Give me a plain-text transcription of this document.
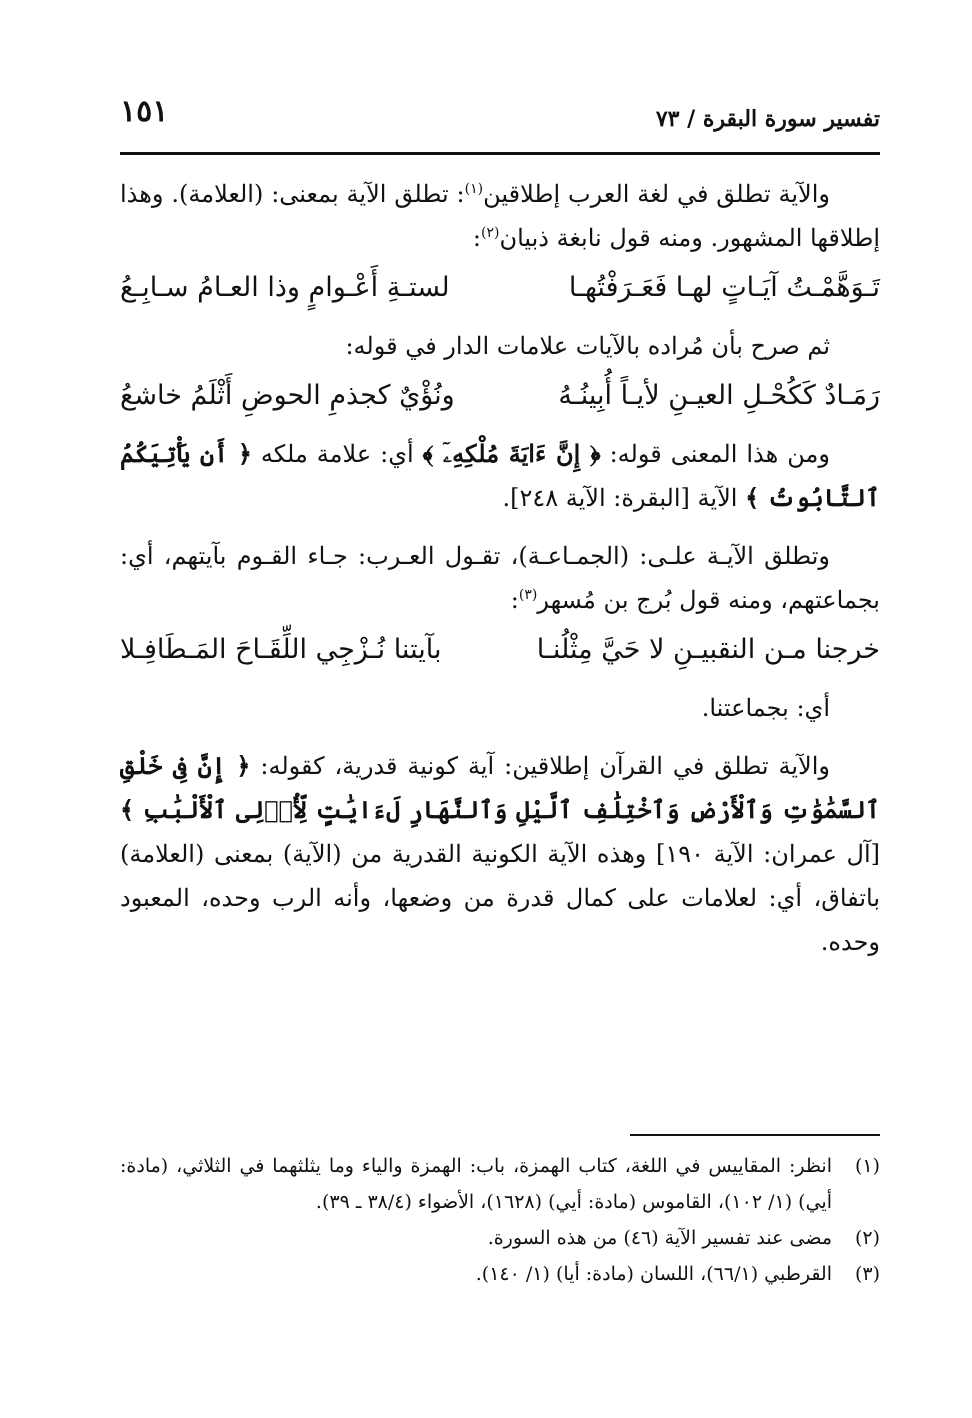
تفسير سورة البقرة / ٧٣
١٥١

والآية تطلق في لغة العرب إطلاقين$^{(١)}$: تطلق الآية بمعنى: (العلامة). وهذا إطلاقها المشهور. ومنه قول نابغة ذبيان$^{(٢)}$:

تَـوَهَّمْـتُ آيَـاتٍ لهـا فَعَـرَفْتُهـا
لستـةِ أَعْـوامٍ وذا العـامُ سـابِـعُ

ثم صرح بأن مُراده بالآيات علامات الدار في قوله:

رَمَـادٌ كَكُحْـلِ العيـنِ لأيـاً أُبِينُـهُ
ونُؤْيٌ كجذمِ الحوضِ أَثْلَمُ خاشعُ

ومن هذا المعنى قوله: ﴿ إِنَّ ءَايَةَ مُلْكِهِۦٓ ﴾ أي: علامة ملكه ﴿ أَن يَأْتِيَكُمُ ٱلتَّابُوتُ ﴾ الآية [البقرة: الآية ٢٤٨].

وتطلق الآيـة علـى: (الجمـاعـة)، تقـول العـرب: جـاء القـوم بآيتهم، أي: بجماعتهم، ومنه قول بُرج بن مُسهر$^{(٣)}$:

خرجنا مـن النقبيـنِ لا حَيَّ مِثْلُنـا
بآيتنا نُـزْجِي اللِّقَـاحَ المَـطَافِـلا

أي: بجماعتنا.

والآية تطلق في القرآن إطلاقين: آية كونية قدرية، كقوله: ﴿ إِنَّ فِى خَلْقِ ٱلسَّمَٰوَٰتِ وَٱلْأَرْضِ وَٱخْتِلَٰفِ ٱلَّيْلِ وَٱلنَّهَارِ لَءَايَٰتٍ لِّأُو۟لِى ٱلْأَلْبَٰبِ ﴾ [آل عمران: الآية ١٩٠] وهذه الآية الكونية القدرية من (الآية) بمعنى (العلامة) باتفاق، أي: لعلامات على كمال قدرة من وضعها، وأنه الرب وحده، المعبود وحده.

(١)
انظر: المقاييس في اللغة، كتاب الهمزة، باب: الهمزة والياء وما يثلثهما في الثلاثي، (مادة: أيي) (١/ ١٠٢)، القاموس (مادة: أيي) (١٦٢٨)، الأضواء (٣٨/٤ ـ ٣٩).
(٢)
مضى عند تفسير الآية (٤٦) من هذه السورة.
(٣)
القرطبي (٦٦/١)، اللسان (مادة: أيا) (١/ ١٤٠).
